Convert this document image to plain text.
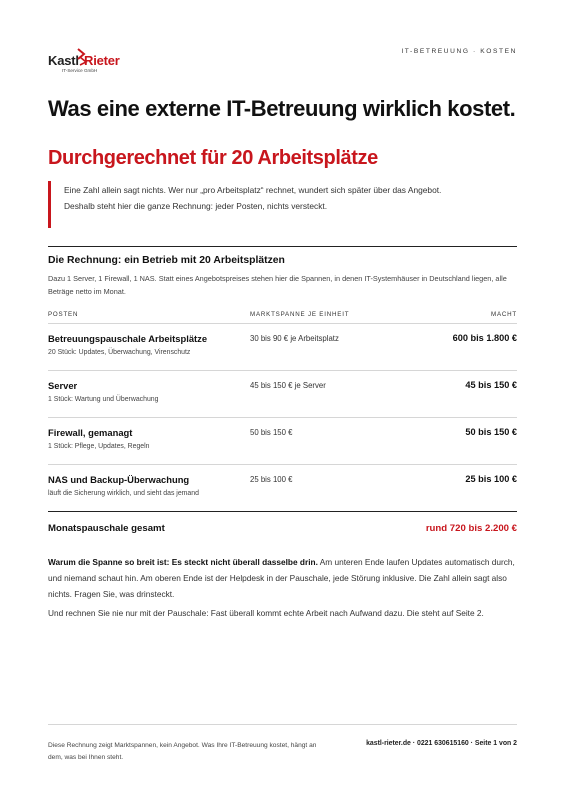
Kastl Rieter
IT-Service GmbH
IT-BETREUUNG · KOSTEN
Was eine externe IT-Betreuung wirklich kostet.
Durchgerechnet für 20 Arbeitsplätze
Eine Zahl allein sagt nichts. Wer nur „pro Arbeitsplatz“ rechnet, wundert sich später über das Angebot. Deshalb steht hier die ganze Rechnung: jeder Posten, nichts versteckt.
Die Rechnung: ein Betrieb mit 20 Arbeitsplätzen
Dazu 1 Server, 1 Firewall, 1 NAS. Statt eines Angebotspreises stehen hier die Spannen, in denen IT-Systemhäuser in Deutschland liegen, alle Beträge netto im Monat.
POSTEN	MARKTSPANNE JE EINHEIT	MACHT
Betreuungspauschale Arbeitsplätze
20 Stück: Updates, Überwachung, Virenschutz
30 bis 90 € je Arbeitsplatz	600 bis 1.800 €
Server
1 Stück: Wartung und Überwachung
45 bis 150 € je Server	45 bis 150 €
Firewall, gemanagt
1 Stück: Pflege, Updates, Regeln
50 bis 150 €	50 bis 150 €
NAS und Backup-Überwachung
läuft die Sicherung wirklich, und sieht das jemand
25 bis 100 €	25 bis 100 €
Monatspauschale gesamt	rund 720 bis 2.200 €
Warum die Spanne so breit ist: Es steckt nicht überall dasselbe drin. Am unteren Ende laufen Updates automatisch durch, und niemand schaut hin. Am oberen Ende ist der Helpdesk in der Pauschale, jede Störung inklusive. Die Zahl allein sagt also nichts. Fragen Sie, was drinsteckt.
Und rechnen Sie nie nur mit der Pauschale: Fast überall kommt echte Arbeit nach Aufwand dazu. Die steht auf Seite 2.
Diese Rechnung zeigt Marktspannen, kein Angebot. Was Ihre IT-Betreuung kostet, hängt an dem, was bei Ihnen steht.
kastl-rieter.de · 0221 630615160 · Seite 1 von 2
